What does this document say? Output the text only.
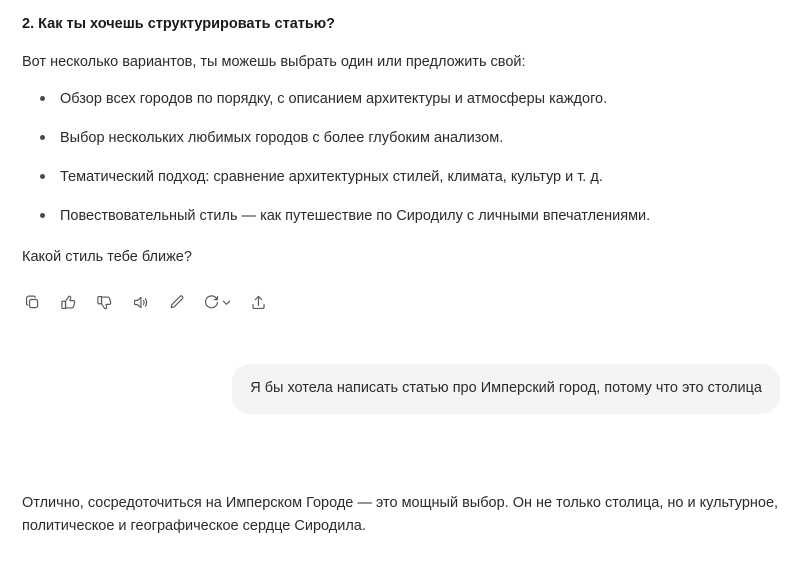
2. Как ты хочешь структурировать статью?
Вот несколько вариантов, ты можешь выбрать один или предложить свой:
Обзор всех городов по порядку, с описанием архитектуры и атмосферы каждого.
Выбор нескольких любимых городов с более глубоким анализом.
Тематический подход: сравнение архитектурных стилей, климата, культур и т. д.
Повествовательный стиль — как путешествие по Сиродилу с личными впечатлениями.
Какой стиль тебе ближе?
Я бы хотела написать статью про Имперский город, потому что это столица
Отлично, сосредоточиться на Имперском Городе — это мощный выбор. Он не только столица, но и культурное, политическое и географическое сердце Сиродила.
